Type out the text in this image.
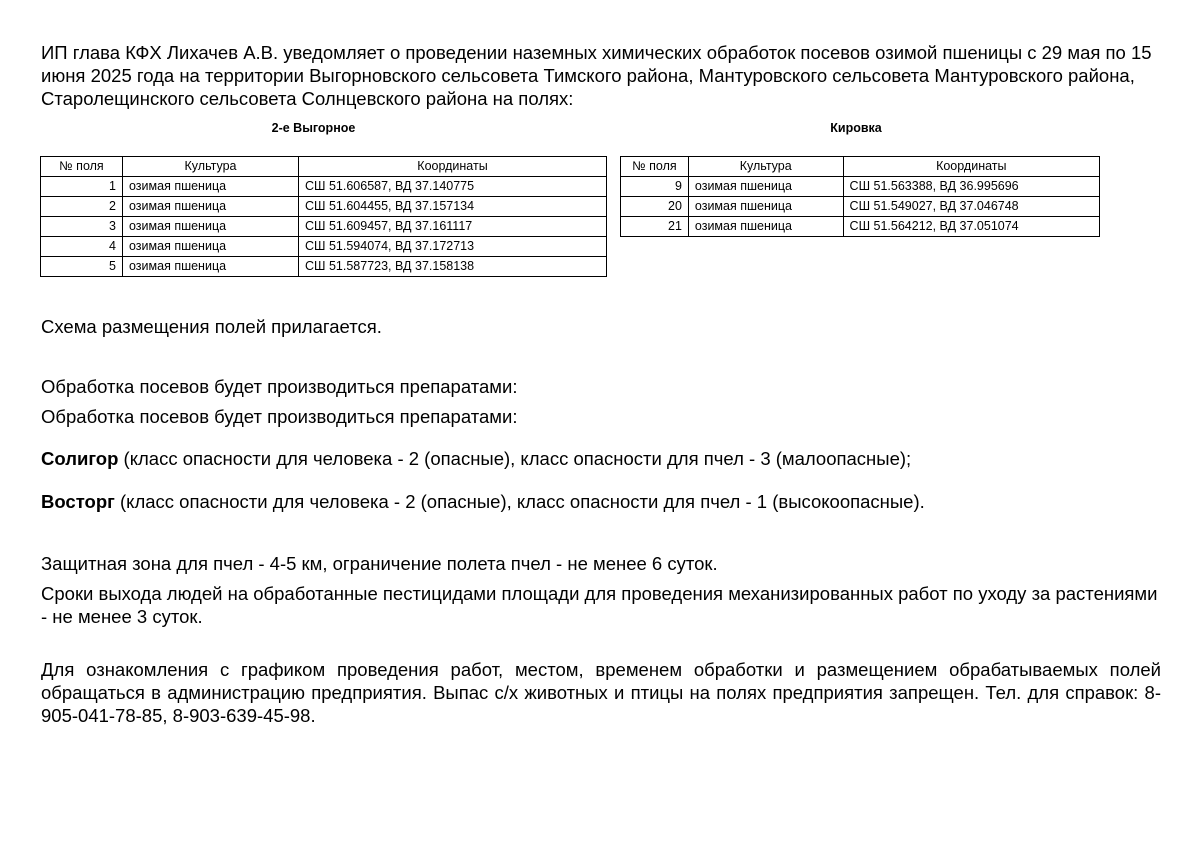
ИП глава КФХ Лихачев А.В. уведомляет о проведении наземных химических обработок посевов озимой пшеницы с 29 мая по 15 июня 2025 года на территории Выгорновского сельсовета Тимского района, Мантуровского сельсовета Мантуровского района, Старолещинского сельсовета Солнцевского района на полях:

2-е Выгорное
№ поля	Культура	Координаты
1	озимая пшеница	СШ 51.606587, ВД 37.140775
2	озимая пшеница	СШ 51.604455, ВД 37.157134
3	озимая пшеница	СШ 51.609457, ВД 37.161117
4	озимая пшеница	СШ 51.594074, ВД 37.172713
5	озимая пшеница	СШ 51.587723, ВД 37.158138
Кировка
№ поля	Культура	Координаты
9	озимая пшеница	СШ 51.563388, ВД 36.995696
20	озимая пшеница	СШ 51.549027, ВД 37.046748
21	озимая пшеница	СШ 51.564212, ВД 37.051074

Схема размещения полей прилагается.

Обработка посевов будет производиться препаратами:

Обработка посевов будет производиться препаратами:

Солигор (класс опасности для человека - 2 (опасные), класс опасности для пчел - 3 (малоопасные);

Восторг (класс опасности для человека - 2 (опасные), класс опасности для пчел - 1 (высокоопасные).

Защитная зона для пчел - 4-5 км, ограничение полета пчел - не менее 6 суток.

Сроки выхода людей на обработанные пестицидами площади для проведения механизированных работ по уходу за растениями - не менее 3 суток.

Для ознакомления с графиком проведения работ, местом, временем обработки и размещением обрабатываемых полей обращаться в администрацию предприятия. Выпас с/х животных и птицы на полях предприятия запрещен. Тел. для справок: 8-905-041-78-85, 8-903-639-45-98.
